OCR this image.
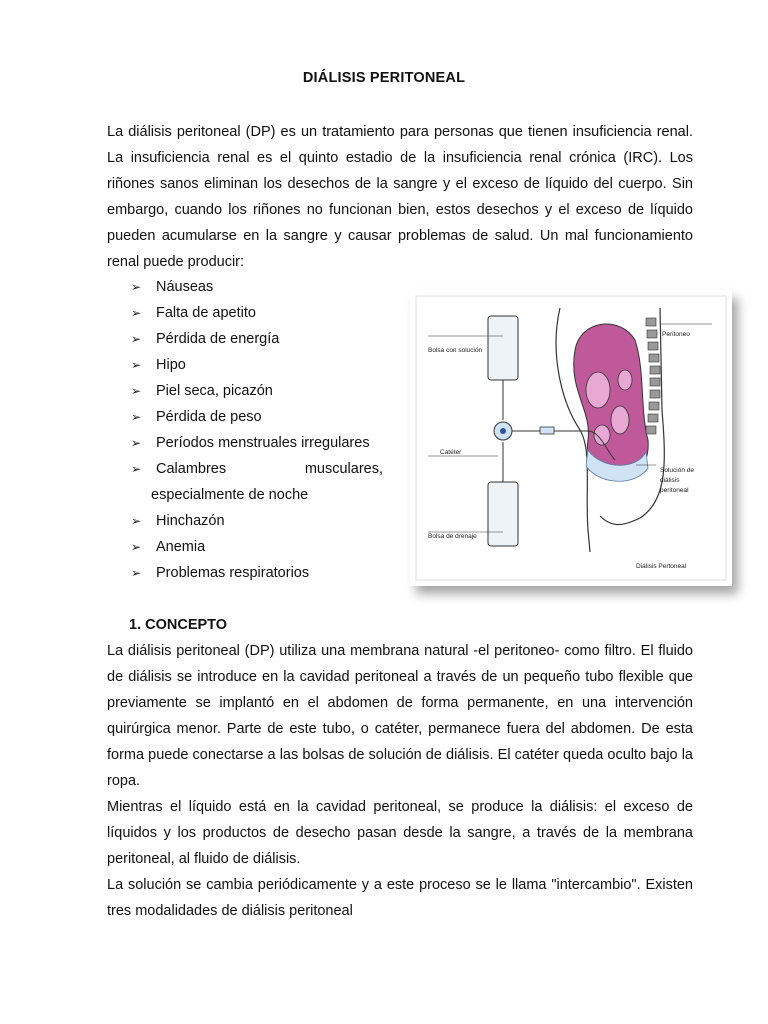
DIÁLISIS PERITONEAL

La diálisis peritoneal (DP) es un tratamiento para personas que tienen insuficiencia renal. La insuficiencia renal es el quinto estadio de la insuficiencia renal crónica (IRC). Los riñones sanos eliminan los desechos de la sangre y el exceso de líquido del cuerpo. Sin embargo, cuando los riñones no funcionan bien, estos desechos y el exceso de líquido pueden acumularse en la sangre y causar problemas de salud. Un mal funcionamiento renal puede producir:

➢	Náuseas
➢	Falta de apetito
➢	Pérdida de energía
➢	Hipo
➢	Piel seca, picazón
➢	Pérdida de peso
➢	Períodos menstruales irregulares
➢	Calambres musculares,
especialmente de noche
➢	Hinchazón
➢	Anemia
➢	Problemas respiratorios
Bolsa con solución
Catéter
Bolsa de drenaje
Peritoneo
Solución de
diálisis
peritoneal
Diálisis Pertoneal
1. CONCEPTO
La diálisis peritoneal (DP) utiliza una membrana natural -el peritoneo- como filtro. El fluido de diálisis se introduce en la cavidad peritoneal a través de un pequeño tubo flexible que previamente se implantó en el abdomen de forma permanente, en una intervención quirúrgica menor. Parte de este tubo, o catéter, permanece fuera del abdomen. De esta forma puede conectarse a las bolsas de solución de diálisis. El catéter queda oculto bajo la ropa.
Mientras el líquido está en la cavidad peritoneal, se produce la diálisis: el exceso de líquidos y los productos de desecho pasan desde la sangre, a través de la membrana peritoneal, al fluido de diálisis.
La solución se cambia periódicamente y a este proceso se le llama "intercambio". Existen tres modalidades de diálisis peritoneal
